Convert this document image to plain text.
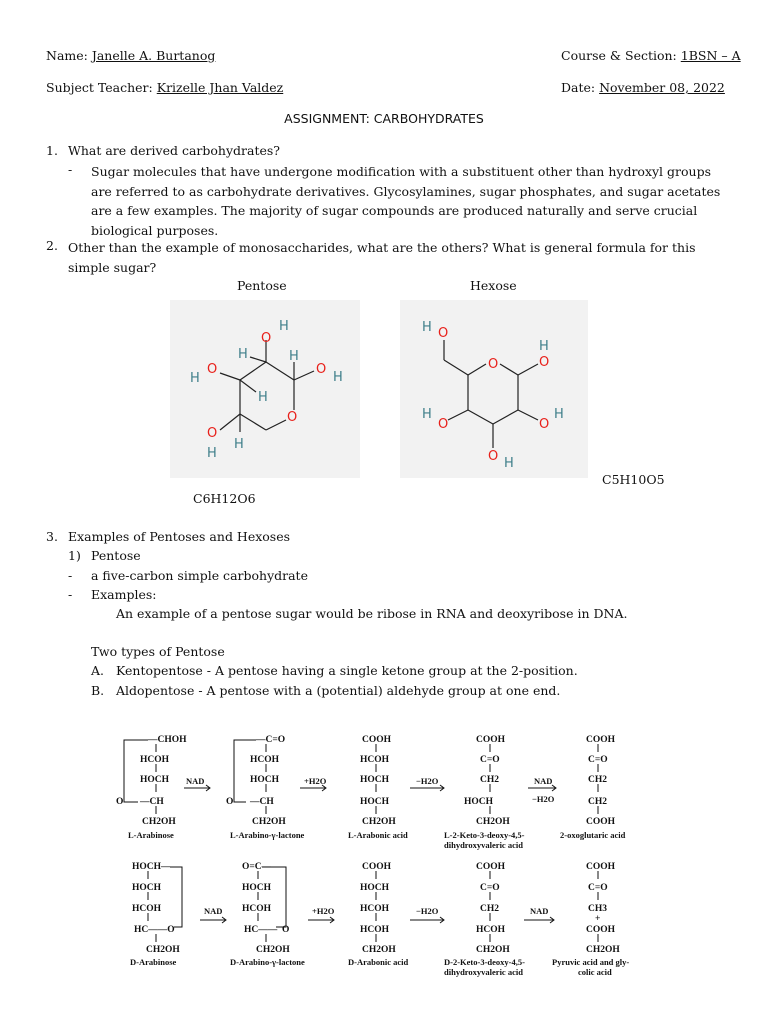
Name: Janelle A. Burtanog	Course & Section: 1BSN – A
Subject Teacher: Krizelle Jhan Valdez	Date: November 08, 2022
ASSIGNMENT: CARBOHYDRATES
1. What are derived carbohydrates?
- Sugar molecules that have undergone modification with a substituent other than hydroxyl groups are referred to as carbohydrate derivatives. Glycosylamines, sugar phosphates, and sugar acetates are a few examples. The majority of sugar compounds are produced naturally and serve crucial biological purposes.
2. Other than the example of monosaccharides, what are the others? What is general formula for this simple sugar?
Pentose	Hexose
O
H
H	H
O
H
O
H
H
O
O
H
H
H O
O
H
O
H
O	O
H
O H
C5H10O5
C6H12O6
3. Examples of Pentoses and Hexoses
1) Pentose
- a five-carbon simple carbohydrate
- Examples:
An example of a pentose sugar would be ribose in RNA and deoxyribose in DNA.
Two types of Pentose
A. Kentopentose - A pentose having a single ketone group at the 2-position.
B. Aldopentose - A pentose with a (potential) aldehyde group at one end.
—CHOH
HCOH
HOCH
O —CH
CH2OH
L-Arabinose
NAD
—C=O
HCOH
HOCH
O —CH
CH2OH
L-Arabino-γ-lactone
+H2O
COOH
HCOH
HOCH
HOCH
CH2OH
L-Arabonic acid
−H2O
COOH
C=O
CH2
HOCH
CH2OH
L-2-Keto-3-deoxy-4,5-
dihydroxyvaleric acid
NAD
−H2O
COOH
C=O
CH2
CH2
COOH
2-oxoglutaric acid
HOCH—
HOCH
HCOH
HC——O
CH2OH
D-Arabinose
NAD
O=C—
HOCH
HCOH
HC—— O
CH2OH
D-Arabino-γ-lactone
+H2O
COOH
HOCH
HCOH
HCOH
CH2OH
D-Arabonic acid
−H2O
COOH
C=O
CH2
HCOH
CH2OH
D-2-Keto-3-deoxy-4,5-
dihydroxyvaleric acid
NAD
COOH
C=O
CH3
+
COOH
CH2OH
Pyruvic acid and gly-
colic acid
